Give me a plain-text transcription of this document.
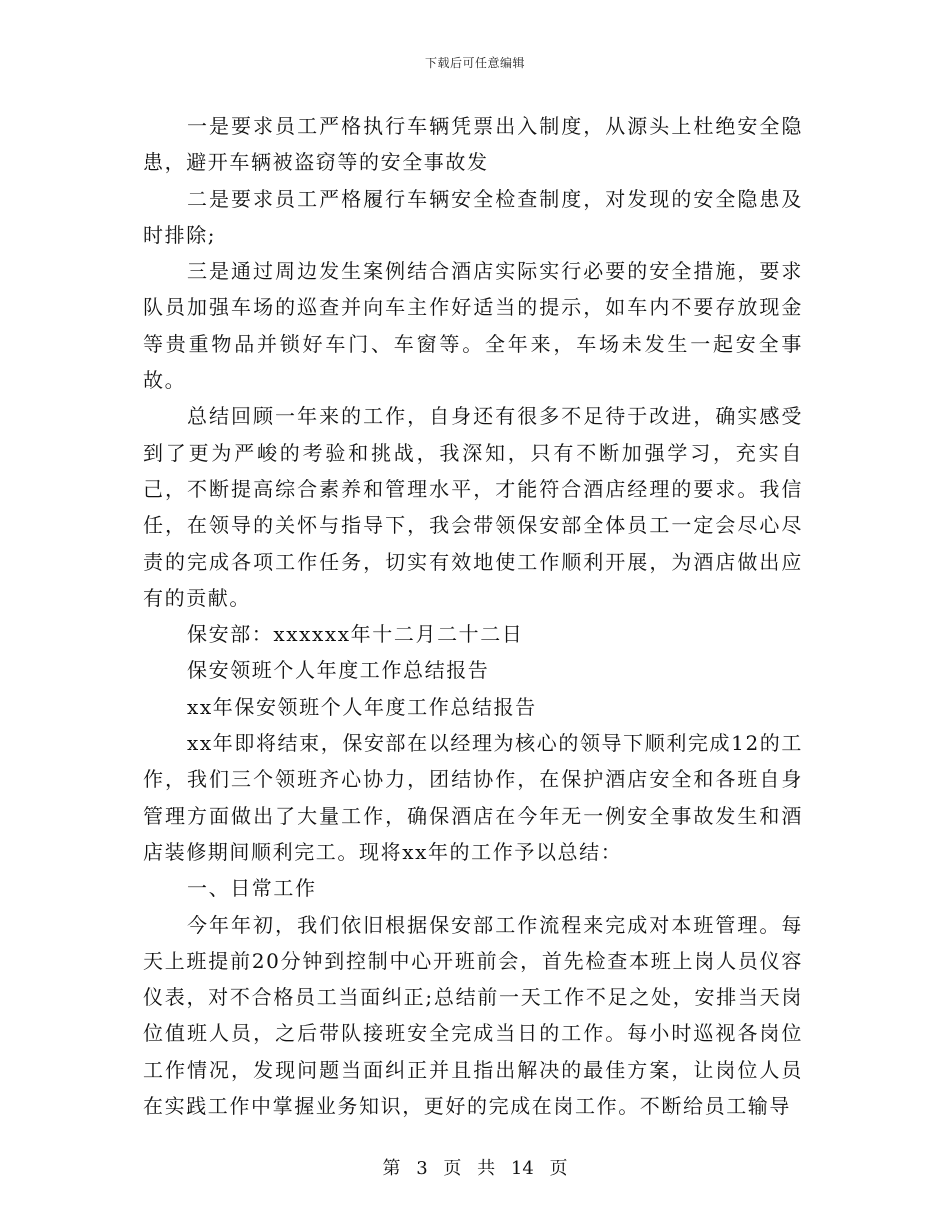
下载后可任意编辑

一是要求员工严格执行车辆凭票出入制度，从源头上杜绝安全隐患，避开车辆被盗窃等的安全事故发

二是要求员工严格履行车辆安全检查制度，对发现的安全隐患及时排除;

三是通过周边发生案例结合酒店实际实行必要的安全措施，要求队员加强车场的巡查并向车主作好适当的提示，如车内不要存放现金等贵重物品并锁好车门、车窗等。全年来，车场未发生一起安全事故。

总结回顾一年来的工作，自身还有很多不足待于改进，确实感受到了更为严峻的考验和挑战，我深知，只有不断加强学习，充实自己，不断提高综合素养和管理水平，才能符合酒店经理的要求。我信任，在领导的关怀与指导下，我会带领保安部全体员工一定会尽心尽责的完成各项工作任务，切实有效地使工作顺利开展，为酒店做出应有的贡献。

保安部：xxxxxx年十二月二十二日

保安领班个人年度工作总结报告

xx年保安领班个人年度工作总结报告

xx年即将结束，保安部在以经理为核心的领导下顺利完成12的工作，我们三个领班齐心协力，团结协作，在保护酒店安全和各班自身管理方面做出了大量工作，确保酒店在今年无一例安全事故发生和酒店装修期间顺利完工。现将xx年的工作予以总结：

一、日常工作

今年年初，我们依旧根据保安部工作流程来完成对本班管理。每天上班提前20分钟到控制中心开班前会，首先检查本班上岗人员仪容仪表，对不合格员工当面纠正;总结前一天工作不足之处，安排当天岗位值班人员，之后带队接班安全完成当日的工作。每小时巡视各岗位工作情况，发现问题当面纠正并且指出解决的最佳方案，让岗位人员在实践工作中掌握业务知识，更好的完成在岗工作。不断给员工输导

第 3 页 共 14 页
